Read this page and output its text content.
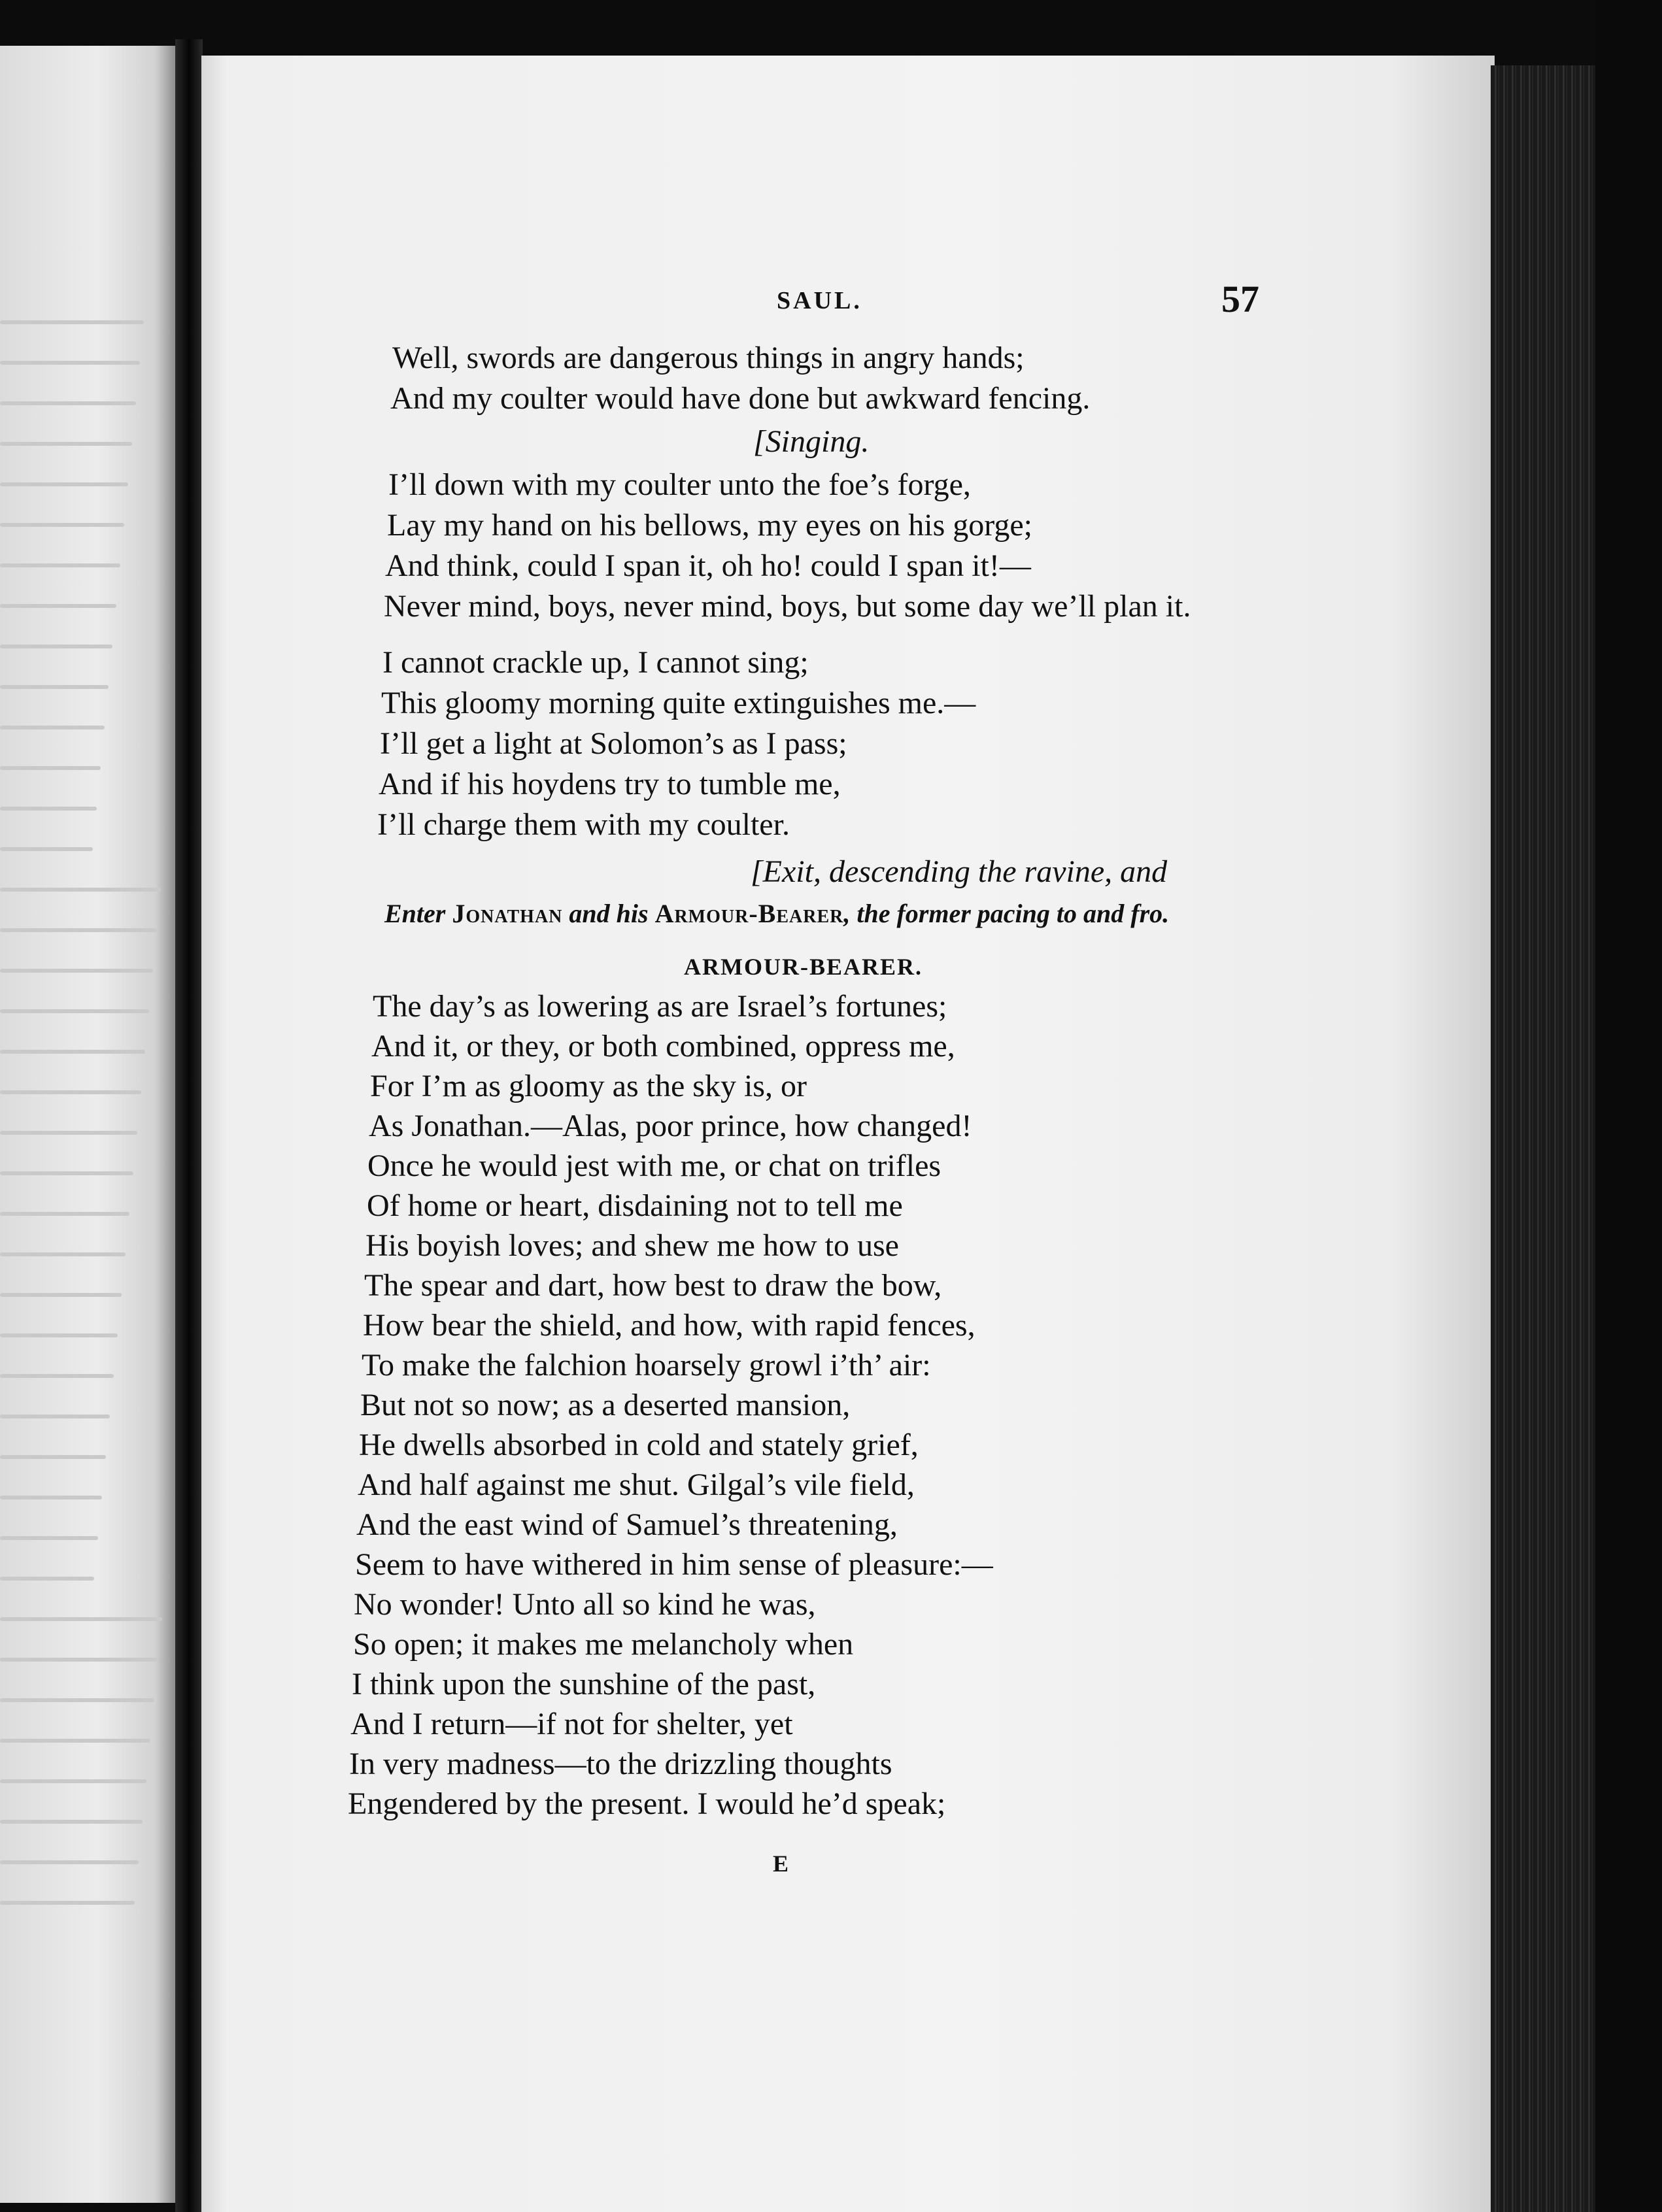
SAUL.	57
Well, swords are dangerous things in angry hands;
And my coulter would have done but awkward fencing.
[Singing.
I’ll down with my coulter unto the foe’s forge,
Lay my hand on his bellows, my eyes on his gorge;
And think, could I span it, oh ho! could I span it!—
Never mind, boys, never mind, boys, but some day we’ll plan it.
I cannot crackle up, I cannot sing;
This gloomy morning quite extinguishes me.—
I’ll get a light at Solomon’s as I pass;
And if his hoydens try to tumble me,
I’ll charge them with my coulter.
[Exit, descending the ravine, and
Enter Jonathan and his Armour-Bearer, the former pacing to and fro.
ARMOUR-BEARER.
The day’s as lowering as are Israel’s fortunes;
And it, or they, or both combined, oppress me,
For I’m as gloomy as the sky is, or
As Jonathan.—Alas, poor prince, how changed!
Once he would jest with me, or chat on trifles
Of home or heart, disdaining not to tell me
His boyish loves; and shew me how to use
The spear and dart, how best to draw the bow,
How bear the shield, and how, with rapid fences,
To make the falchion hoarsely growl i’th’ air:
But not so now; as a deserted mansion,
He dwells absorbed in cold and stately grief,
And half against me shut. Gilgal’s vile field,
And the east wind of Samuel’s threatening,
Seem to have withered in him sense of pleasure:—
No wonder! Unto all so kind he was,
So open; it makes me melancholy when
I think upon the sunshine of the past,
And I return—if not for shelter, yet
In very madness—to the drizzling thoughts
Engendered by the present. I would he’d speak;
E
